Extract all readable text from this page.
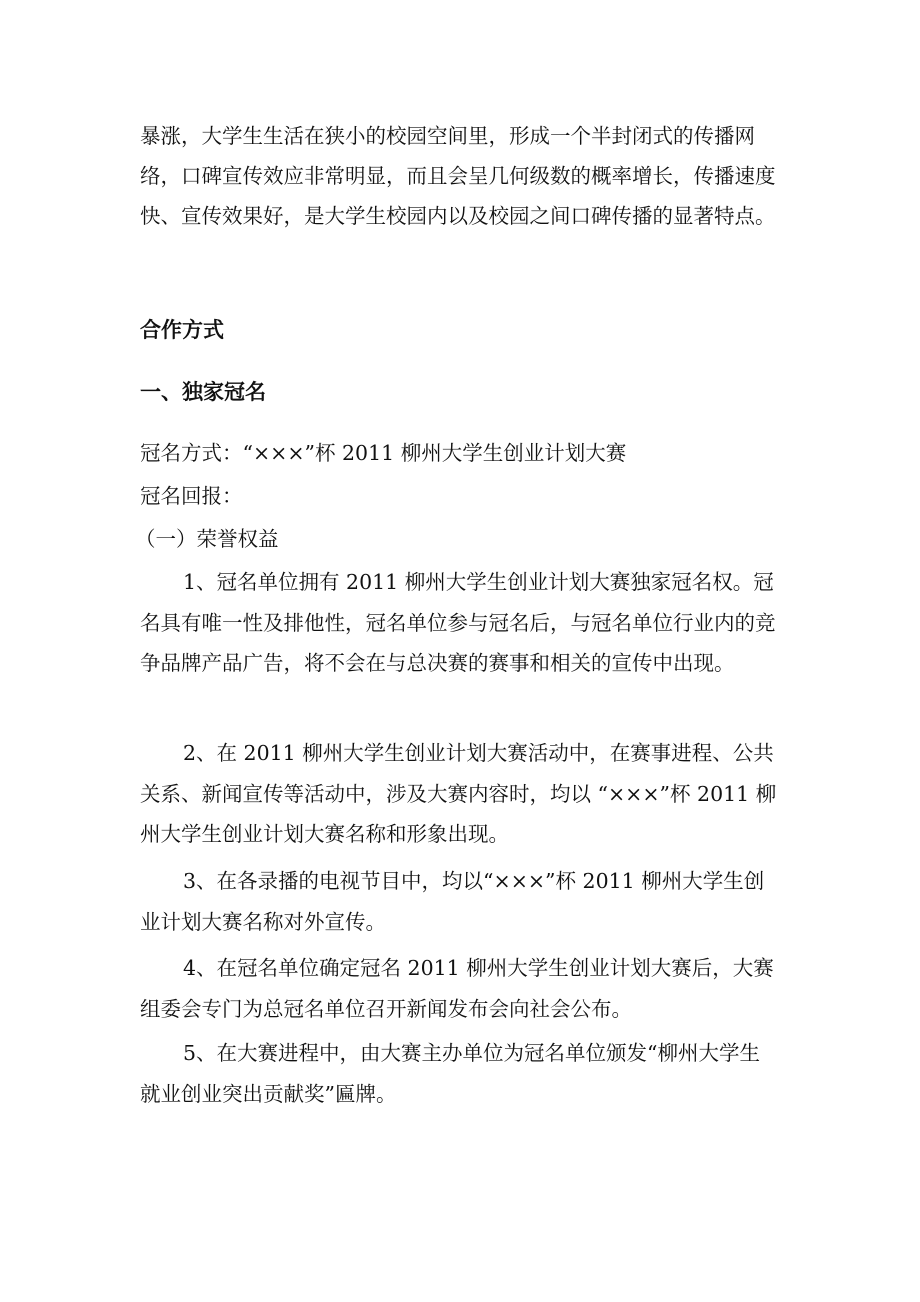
暴涨，大学生生活在狭小的校园空间里，形成一个半封闭式的传播网络，口碑宣传效应非常明显，而且会呈几何级数的概率增长，传播速度快、宣传效果好，是大学生校园内以及校园之间口碑传播的显著特点。

合作方式
一、独家冠名

冠名方式：“×××”杯 2011 柳州大学生创业计划大赛

冠名回报：

（一）荣誉权益

1、冠名单位拥有 2011 柳州大学生创业计划大赛独家冠名权。冠名具有唯一性及排他性，冠名单位参与冠名后，与冠名单位行业内的竞争品牌产品广告，将不会在与总决赛的赛事和相关的宣传中出现。

2、在 2011 柳州大学生创业计划大赛活动中，在赛事进程、公共关系、新闻宣传等活动中，涉及大赛内容时，均以 “×××”杯 2011 柳州大学生创业计划大赛名称和形象出现。

3、在各录播的电视节目中，均以“×××”杯 2011 柳州大学生创业计划大赛名称对外宣传。

4、在冠名单位确定冠名 2011 柳州大学生创业计划大赛后，大赛组委会专门为总冠名单位召开新闻发布会向社会公布。

5、在大赛进程中，由大赛主办单位为冠名单位颁发“柳州大学生就业创业突出贡献奖”匾牌。
